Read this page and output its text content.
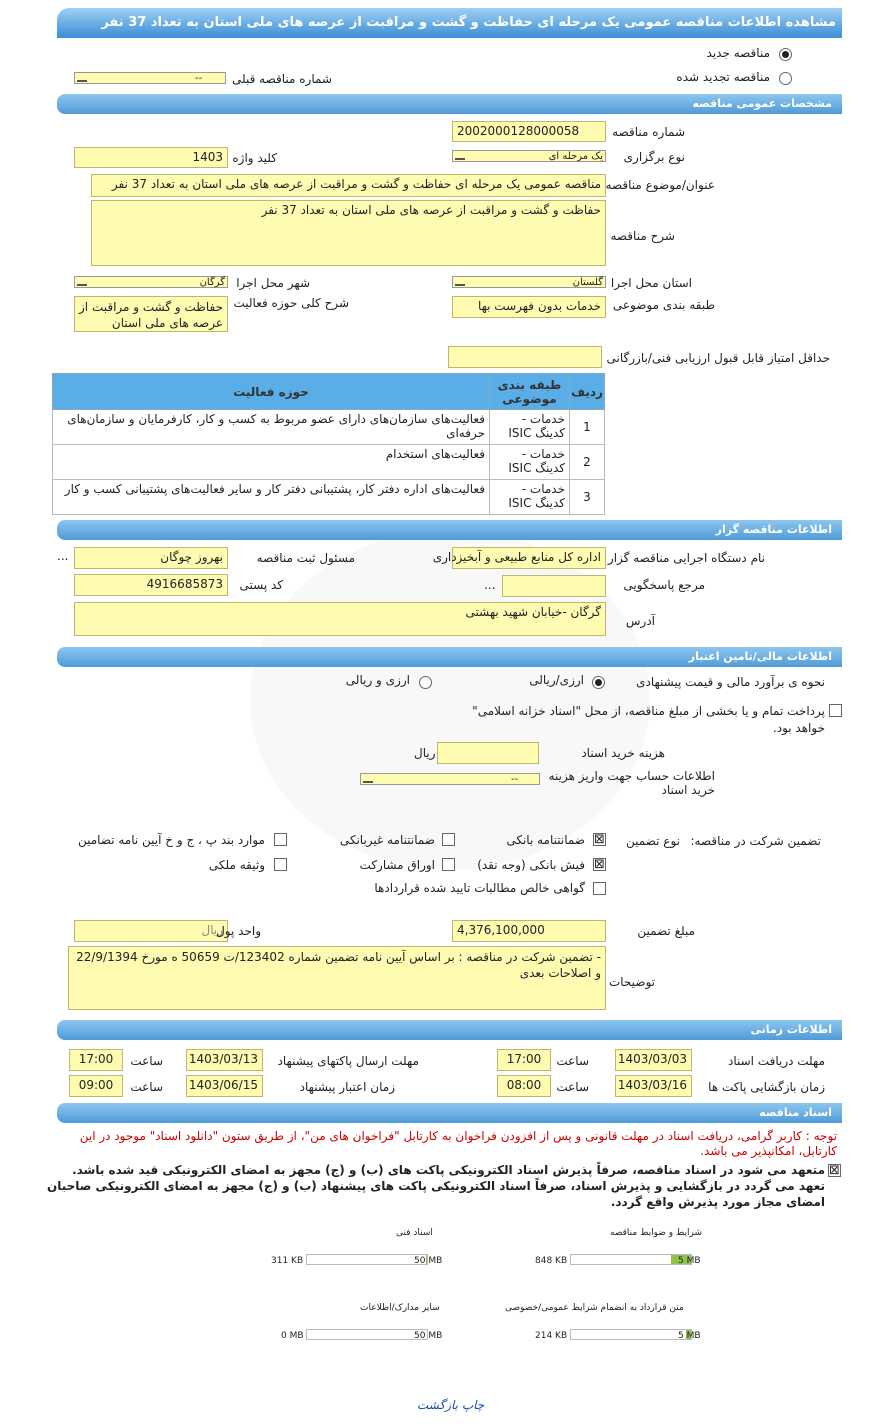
مشاهده اطلاعات مناقصه عمومی یک مرحله ای حفاظت و گشت و مراقبت از عرصه های ملی استان به تعداد 37 نفر
مناقصه جدید
مناقصه تجدید شده
شماره مناقصه قبلی
--
مشخصات عمومی مناقصه
2002000128000058	شماره مناقصه
یک مرحله ای نوع برگزاری
1403 کلید واژه
مناقصه عمومی یک مرحله ای حفاظت و گشت و مراقبت از عرصه های ملی استان به تعداد 37 نفر عنوان/موضوع مناقصه
حفاظت و گشت و مراقبت از عرصه های ملی استان به تعداد 37 نفر
شرح مناقصه
گلستان استان محل اجرا
گرگان شهر محل اجرا
خدمات بدون فهرست بها طبقه بندی موضوعی
حفاظت و گشت و مراقبت از عرصه های ملی استان
شرح کلی حوزه فعالیت
حداقل امتیاز قابل قبول ارزیابی فنی/بازرگانی
ردیف	طبقه بندی موضوعی	حوزه فعالیت
1	خدمات - کدینگ ISIC	فعالیت‌های سازمان‌های دارای عضو مربوط به کسب و کار، کارفرمایان و سازمان‌های حرفه‌ای
2	خدمات - کدینگ ISIC	فعالیت‌های استخدام
3	خدمات - کدینگ ISIC	فعالیت‌های اداره دفتر کار، پشتیبانی دفتر کار و سایر فعالیت‌های پشتیبانی کسب و کار
اطلاعات مناقصه گزار
اداره کل منابع طبیعی و آبخیزداری نام دستگاه اجرایی مناقصه گزار
بهروز چوگان	مسئول ثبت مناقصه
...
مرجع پاسخگویی
...
4916685873	کد پستی
گرگان -خیابان شهید بهشتی
آدرس
اطلاعات مالی/تامین اعتبار
نحوه ی برآورد مالی و قیمت پیشنهادی
ارزی/ریالی
ارزی و ریالی
پرداخت تمام و یا بخشی از مبلغ مناقصه، از محل "اسناد خزانه اسلامی" خواهد بود.
هزینه خرید اسناد
ریال
اطلاعات حساب جهت واریز هزینه خرید اسناد
--
تضمین شرکت در مناقصه:
نوع تضمین
⊠
ضمانتنامه بانکی
ضمانتنامه غیربانکی
موارد بند پ ، ج و خ آیین نامه تضامین
⊠
فیش بانکی (وجه نقد)
اوراق مشارکت
وثیقه ملکی
گواهی خالص مطالبات تایید شده قراردادها
4,376,100,000	مبلغ تضمین
ریال
واحد پول
- تضمین شرکت در مناقصه : بر اساس آیین نامه تضمین شماره 123402/ت 50659 ه مورخ 22/9/1394 و اصلاحات بعدی
توضیحات
اطلاعات زمانی
مهلت دریافت اسناد
1403/03/03
ساعت
17:00
مهلت ارسال پاکتهای پیشنهاد
1403/03/13
ساعت
17:00
زمان بازگشایی پاکت ها
1403/03/16
ساعت
08:00
زمان اعتبار پیشنهاد
1403/06/15
ساعت
09:00
اسناد مناقصه
توجه : کاربر گرامی، دریافت اسناد در مهلت قانونی و پس از افزودن فراخوان به کارتابل "فراخوان های من"، از طریق ستون "دانلود اسناد" موجود در این کارتابل، امکانپذیر می باشد.
⊠
متعهد می شود در اسناد مناقصه، صرفاً پذیرش اسناد الکترونیکی پاکت های (ب) و (ج) مجهز به امضای الکترونیکی قید شده باشد. تعهد می گردد در بازگشایی و پذیرش اسناد، صرفاً اسناد الکترونیکی پاکت های پیشنهاد (ب) و (ج) مجهز به امضای الکترونیکی صاحبان امضای مجاز مورد پذیرش واقع گردد.
شرایط و ضوابط مناقصه
848 KB	5 MB
اسناد فنی
311 KB	50 MB
متن قرارداد به انضمام شرایط عمومی/خصوصی
214 KB	5 MB
سایر مدارک/اطلاعات
0 MB	50 MB
چاپ بازگشت
